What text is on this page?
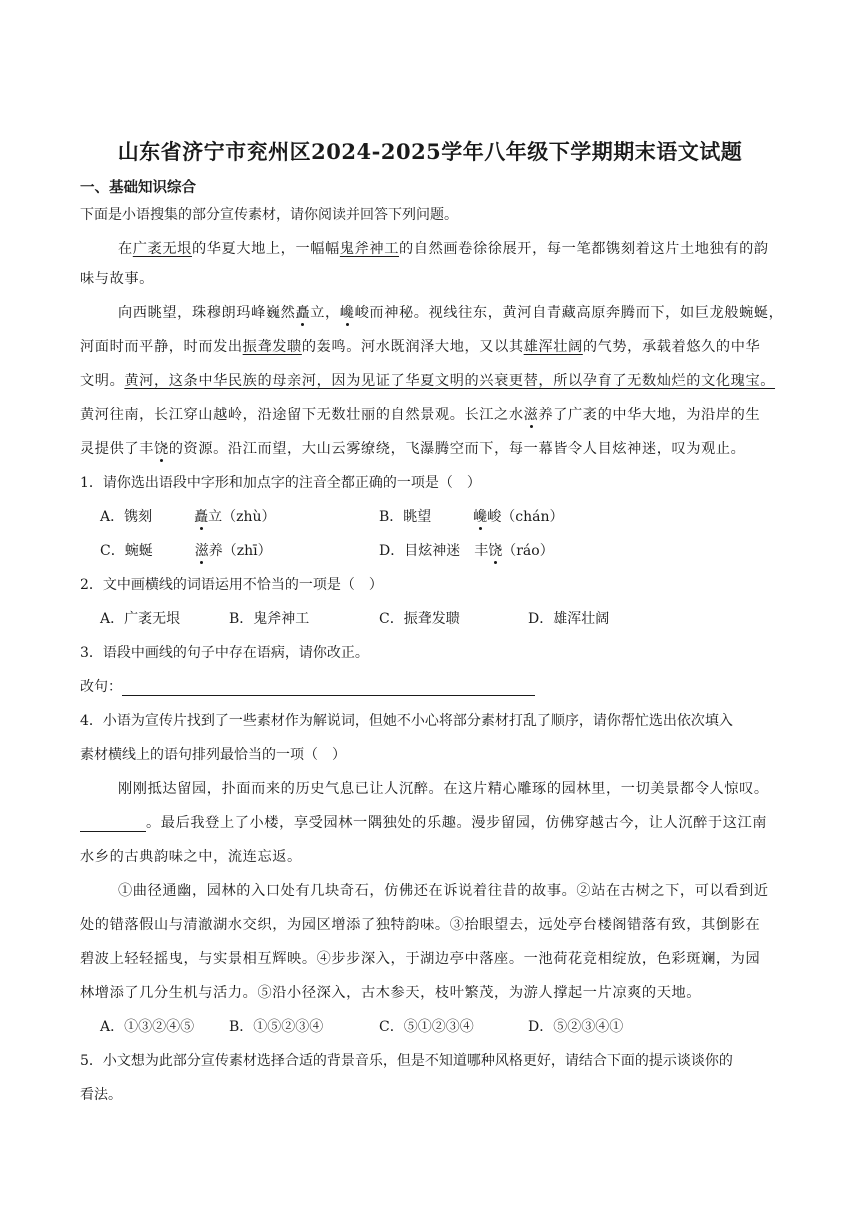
山东省济宁市兖州区2024-2025学年八年级下学期期末语文试题
一、基础知识综合
下面是小语搜集的部分宣传素材，请你阅读并回答下列问题。
在广袤无垠的华夏大地上，一幅幅鬼斧神工的自然画卷徐徐展开，每一笔都镌刻着这片土地独有的韵
味与故事。
向西眺望，珠穆朗玛峰巍然矗立，巉峻而神秘。视线往东，黄河自青藏高原奔腾而下，如巨龙般蜿蜒，
河面时而平静，时而发出振聋发聩的轰鸣。河水既润泽大地，又以其雄浑壮阔的气势，承载着悠久的中华
文明。黄河，这条中华民族的母亲河，因为见证了华夏文明的兴衰更替，所以孕育了无数灿烂的文化瑰宝。
黄河往南，长江穿山越岭，沿途留下无数壮丽的自然景观。长江之水滋养了广袤的中华大地，为沿岸的生
灵提供了丰饶的资源。沿江而望，大山云雾缭绕，飞瀑腾空而下，每一幕皆令人目炫神迷，叹为观止。
1．请你选出语段中字形和加点字的注音全都正确的一项是（　）
A．镌刻　　　	矗立（zhù）	B．眺望　　　	巉峻（chán）
C．蜿蜒　　　	滋养（zhī）	D．目炫神迷　 丰饶（ráo）
2．文中画横线的词语运用不恰当的一项是（　）
A．广袤无垠	B．鬼斧神工	C．振聋发聩	D．雄浑壮阔
3．语段中画线的句子中存在语病，请你改正。
改句：
4．小语为宣传片找到了一些素材作为解说词，但她不小心将部分素材打乱了顺序，请你帮忙选出依次填入
素材横线上的语句排列最恰当的一项（　）
刚刚抵达留园，扑面而来的历史气息已让人沉醉。在这片精心雕琢的园林里，一切美景都令人惊叹。
。最后我登上了小楼，享受园林一隅独处的乐趣。漫步留园，仿佛穿越古今，让人沉醉于这江南
水乡的古典韵味之中，流连忘返。
①曲径通幽，园林的入口处有几块奇石，仿佛还在诉说着往昔的故事。②站在古树之下，可以看到近
处的错落假山与清澈湖水交织，为园区增添了独特韵味。③抬眼望去，远处亭台楼阁错落有致，其倒影在
碧波上轻轻摇曳，与实景相互辉映。④步步深入，于湖边亭中落座。一池荷花竞相绽放，色彩斑斓，为园
林增添了几分生机与活力。⑤沿小径深入，古木参天，枝叶繁茂，为游人撑起一片凉爽的天地。
A．①③②④⑤ B．①⑤②③④	C．⑤①②③④	D．⑤②③④①
5．小文想为此部分宣传素材选择合适的背景音乐，但是不知道哪种风格更好，请结合下面的提示谈谈你的
看法。
